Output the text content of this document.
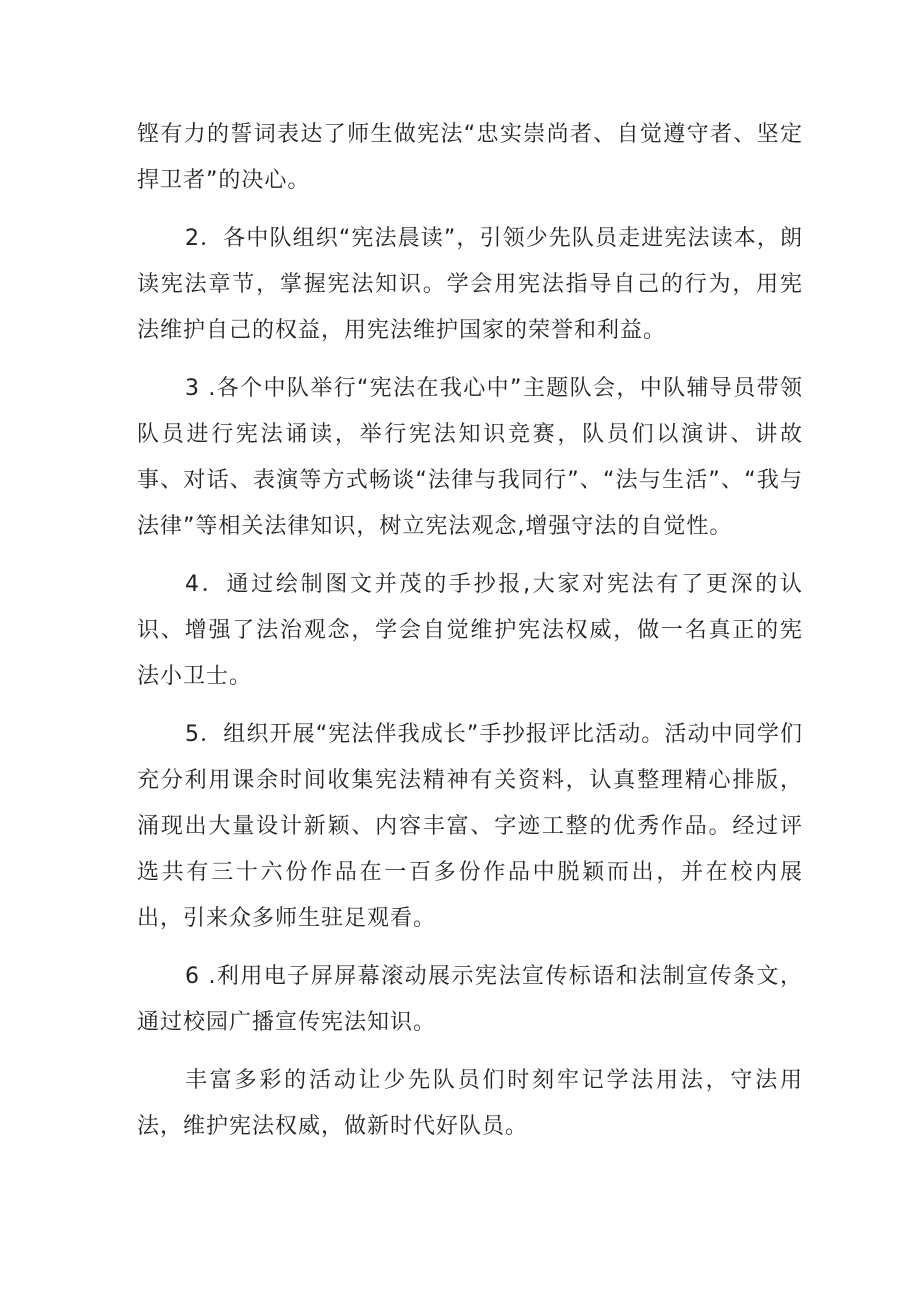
铿有力的誓词表达了师生做宪法“忠实崇尚者、自觉遵守者、坚定捍卫者”的决心。

2．各中队组织“宪法晨读”，引领少先队员走进宪法读本，朗读宪法章节，掌握宪法知识。学会用宪法指导自己的行为，用宪法维护自己的权益，用宪法维护国家的荣誉和利益。

3 .各个中队举行“宪法在我心中”主题队会，中队辅导员带领队员进行宪法诵读，举行宪法知识竞赛，队员们以演讲、讲故事、对话、表演等方式畅谈“法律与我同行”、“法与生活”、“我与法律”等相关法律知识，树立宪法观念,增强守法的自觉性。

4．通过绘制图文并茂的手抄报,大家对宪法有了更深的认识、增强了法治观念，学会自觉维护宪法权威，做一名真正的宪法小卫士。

5．组织开展“宪法伴我成长”手抄报评比活动。活动中同学们充分利用课余时间收集宪法精神有关资料，认真整理精心排版，涌现出大量设计新颖、内容丰富、字迹工整的优秀作品。经过评选共有三十六份作品在一百多份作品中脱颖而出，并在校内展出，引来众多师生驻足观看。

6 .利用电子屏屏幕滚动展示宪法宣传标语和法制宣传条文，通过校园广播宣传宪法知识。

丰富多彩的活动让少先队员们时刻牢记学法用法，守法用法，维护宪法权威，做新时代好队员。
